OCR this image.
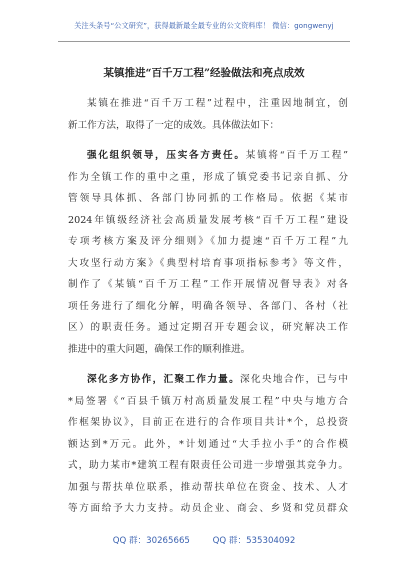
关注头条号“公文研究”，获得最新最全最专业的公文资料库！ 微信：gongwenyj
某镇推进“百千万工程”经验做法和亮点成效
某镇在推进“百千万工程”过程中，注重因地制宜，创
新工作方法，取得了一定的成效。具体做法如下：
强化组织领导，压实各方责任。某镇将“百千万工程”
作为全镇工作的重中之重，形成了镇党委书记亲自抓、分
管领导具体抓、各部门协同抓的工作格局。依据《某市
2024年镇级经济社会高质量发展考核“百千万工程”建设
专项考核方案及评分细则》《加力提速“百千万工程”九
大攻坚行动方案》《典型村培育事项指标参考》等文件，
制作了《某镇“百千万工程”工作开展情况督导表》对各
项任务进行了细化分解，明确各领导、各部门、各村（社
区）的职责任务。通过定期召开专题会议，研究解决工作
推进中的重大问题，确保工作的顺利推进。
深化多方协作，汇聚工作力量。深化央地合作，已与中
*局签署《“百县千镇万村高质量发展工程”中央与地方合
作框架协议》，目前正在进行的合作项目共计*个，总投资
额达到*万元。此外，*计划通过“大手拉小手”的合作模
式，助力某市*建筑工程有限责任公司进一步增强其竞争力。
加强与帮扶单位联系，推动帮扶单位在资金、技术、人才
等方面给予大力支持。动员企业、商会、乡贤和党员群众
QQ 群：30265665	QQ 群：535304092
